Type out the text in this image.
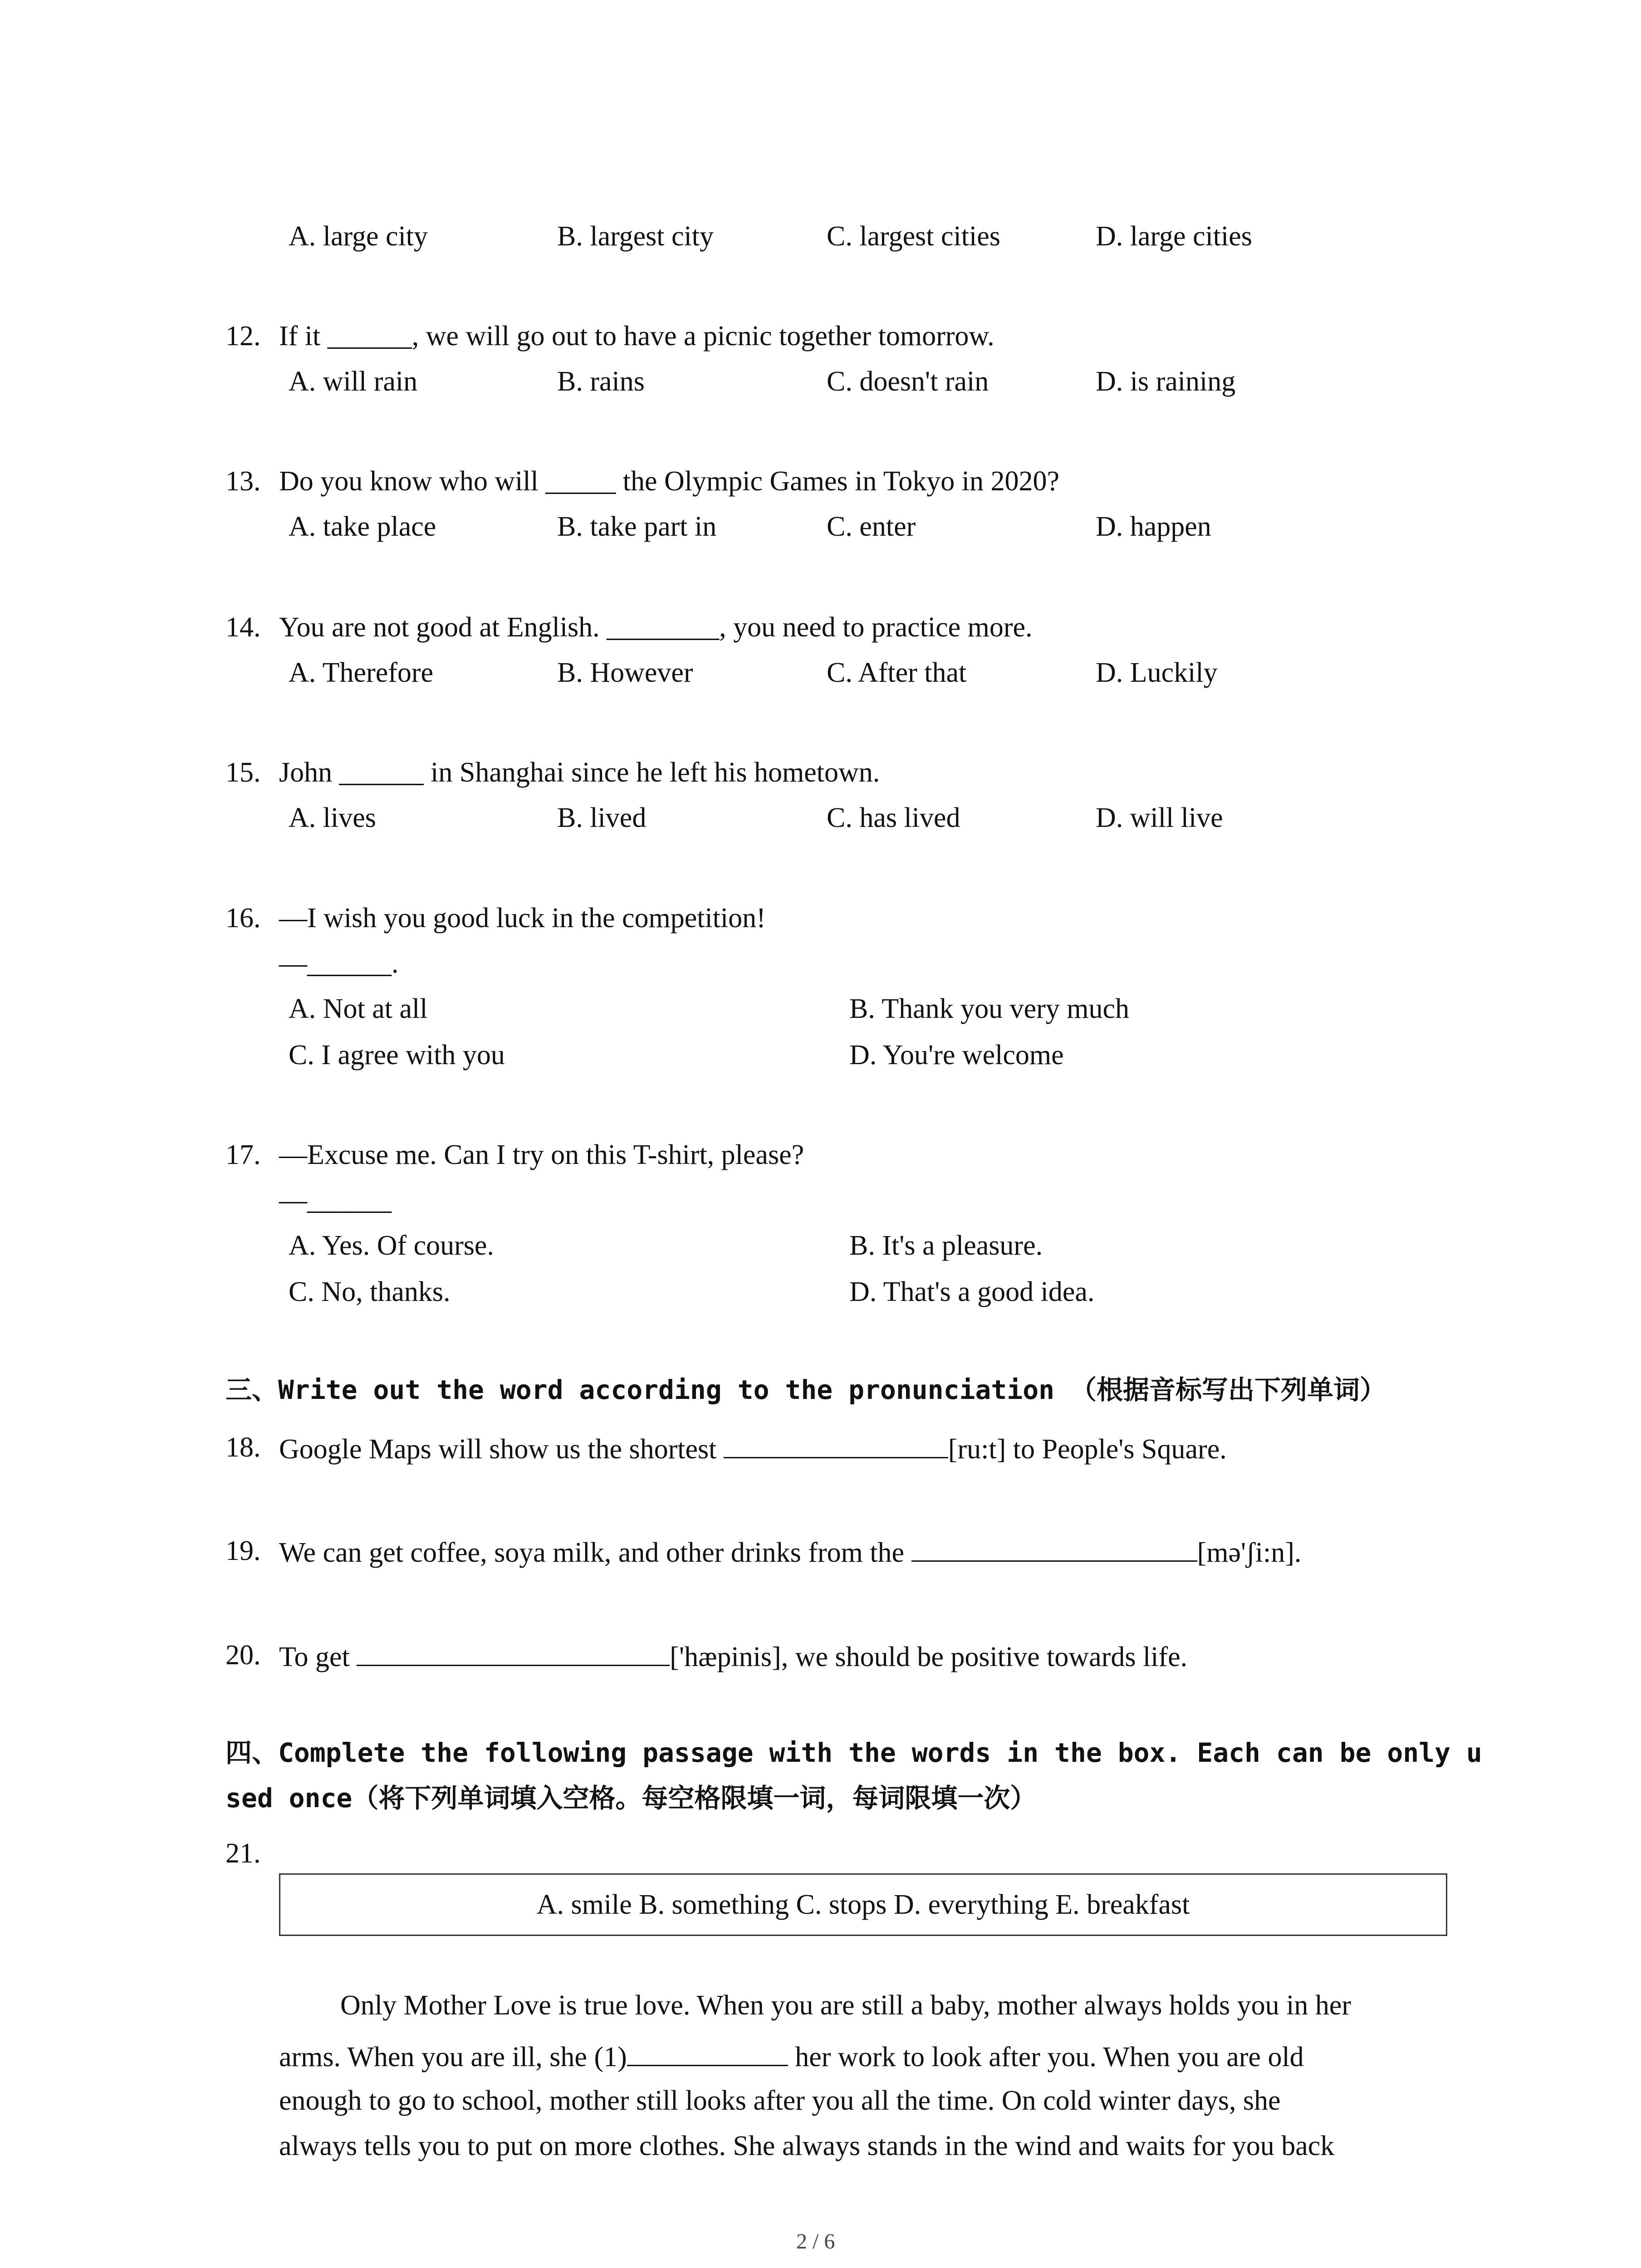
A. large city	B. largest city	C. largest cities	D. large cities
12. If it ______, we will go out to have a picnic together tomorrow.
A. will rain	B. rains	C. doesn't rain	D. is raining
13. Do you know who will _____ the Olympic Games in Tokyo in 2020?
A. take place	B. take part in	C. enter	D. happen
14. You are not good at English. ________, you need to practice more.
A. Therefore	B. However	C. After that	D. Luckily
15. John ______ in Shanghai since he left his hometown.
A. lives	B. lived	C. has lived	D. will live
16. —I wish you good luck in the competition!
—______.
A. Not at all	B. Thank you very much
C. I agree with you	D. You're welcome
17. —Excuse me. Can I try on this T-shirt, please?
—______
A. Yes. Of course.	B. It's a pleasure.
C. No, thanks.	D. That's a good idea.
三、Write out the word according to the pronunciation （根据音标写出下列单词）
18. Google Maps will show us the shortest	[ru:t] to People's Square.
19. We can get coffee, soya milk, and other drinks from the	[mə'ʃi:n].
20. To get	['hæpinis], we should be positive towards life.
四、Complete the following passage with the words in the box. Each can be only u
sed once（将下列单词填入空格。每空格限填一词，每词限填一次）
21.
A. smile B. something C. stops D. everything E. breakfast
Only Mother Love is true love. When you are still a baby, mother always holds you in her
arms. When you are ill, she (1)	her work to look after you. When you are old
enough to go to school, mother still looks after you all the time. On cold winter days, she
always tells you to put on more clothes. She always stands in the wind and waits for you back
2 / 6
